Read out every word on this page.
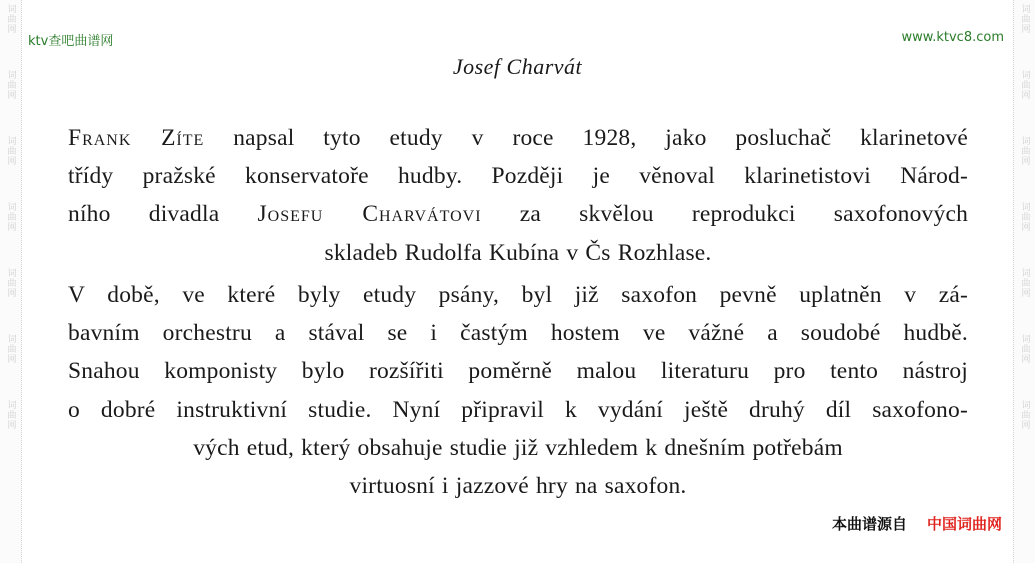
词曲网
词曲网
词曲网
词曲网
词曲网
词曲网
词曲网
词曲网
词曲网
词曲网
词曲网
词曲网
词曲网
词曲网
ktv查吧曲谱网	www.ktvc8.com
Josef Charvát
Frank Zíte napsal tyto etudy v roce 1928, jako posluchač klarinetové
třídy pražské konservatoře hudby. Později je věnoval klarinetistovi Národ-
ního divadla Josefu Charvátovi za skvělou reprodukci saxofonových
skladeb Rudolfa Kubína v Čs Rozhlase.
V době, ve které byly etudy psány, byl již saxofon pevně uplatněn v zá-
bavním orchestru a stával se i častým hostem ve vážné a soudobé hudbě.
Snahou komponisty bylo rozšířiti poměrně malou literaturu pro tento nástroj
o dobré instruktivní studie. Nyní připravil k vydání ještě druhý díl saxofono-
vých etud, který obsahuje studie již vzhledem k dnešním potřebám
virtuosní i jazzové hry na saxofon.
本曲谱源自 中国词曲网
